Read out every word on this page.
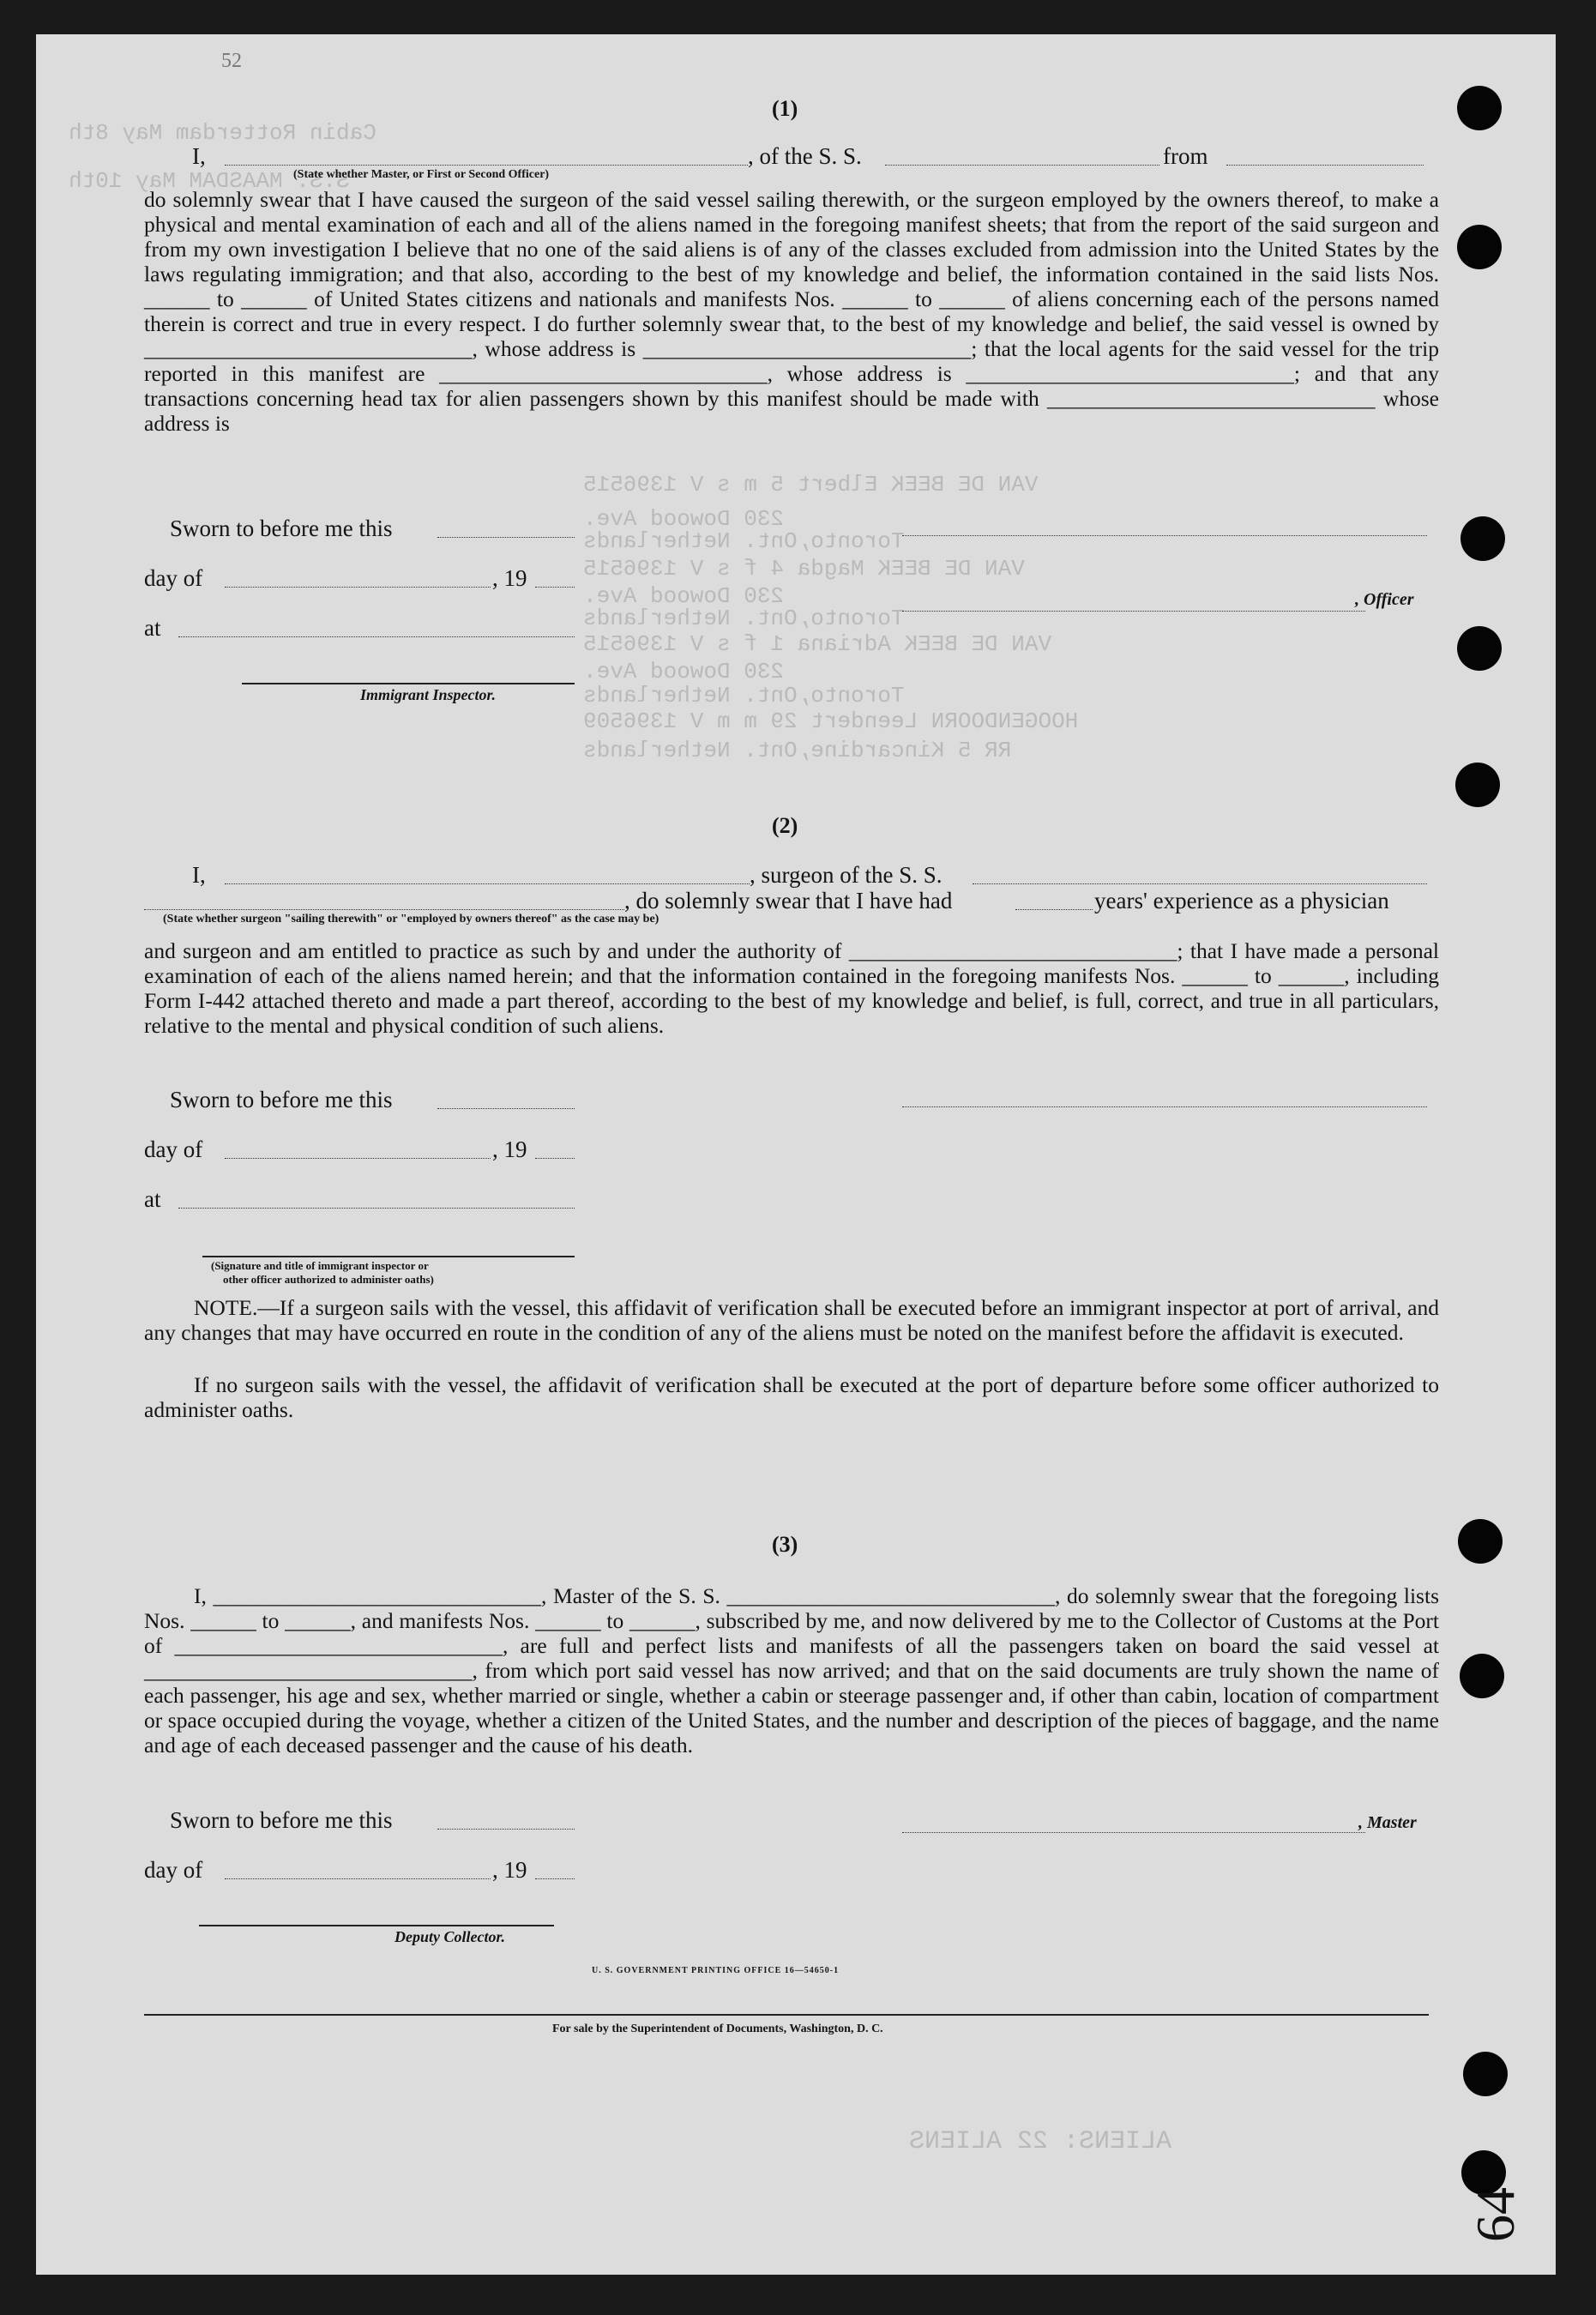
Cabin Rotterdam May 8th
S.S. MAASDAM May 10th
VAN DE BEEK Elbert 5 m s V 1396515
230 Dowood Ave.
Toronto,Ont. Netherlands
VAN DE BEEK Magda 4 f s V 1396515
230 Dowood Ave.
Toronto,Ont. Netherlands
VAN DE BEEK Adriana 1 f s V 1396515
230 Dowood Ave.
Toronto,Ont. Netherlands
HOOGENDOORN Leendert 29 m m V 1396509
RR 5 Kincardine,Ont. Netherlands
ALIENS: 22 ALIENS
52
(1)
I,	, of the S. S.	from
(State whether Master, or First or Second Officer)
do solemnly swear that I have caused the surgeon of the said vessel sailing therewith, or the surgeon employed by the owners thereof, to make a physical and mental examination of each and all of the aliens named in the foregoing manifest sheets; that from the report of the said surgeon and from my own investigation I believe that no one of the said aliens is of any of the classes excluded from admission into the United States by the laws regulating immigration; and that also, according to the best of my knowledge and belief, the information contained in the said lists Nos. ______ to ______ of United States citizens and nationals and manifests Nos. ______ to ______ of aliens concerning each of the persons named therein is correct and true in every respect. I do further solemnly swear that, to the best of my knowledge and belief, the said vessel is owned by ______________________________, whose address is ______________________________; that the local agents for the said vessel for the trip reported in this manifest are ______________________________, whose address is ______________________________; and that any transactions concerning head tax for alien passengers shown by this manifest should be made with ______________________________ whose address is
Sworn to before me this
day of	, 19
, Officer
at
Immigrant Inspector.
(2)
I,	, surgeon of the S. S.
, do solemnly swear that I have had	years' experience as a physician
(State whether surgeon "sailing therewith" or "employed by owners thereof" as the case may be)
and surgeon and am entitled to practice as such by and under the authority of ______________________________; that I have made a personal examination of each of the aliens named herein; and that the information contained in the foregoing manifests Nos. ______ to ______, including Form I-442 attached thereto and made a part thereof, according to the best of my knowledge and belief, is full, correct, and true in all particulars, relative to the mental and physical condition of such aliens.
Sworn to before me this
day of	, 19
at
(Signature and title of immigrant inspector or
other officer authorized to administer oaths)
NOTE.—If a surgeon sails with the vessel, this affidavit of verification shall be executed before an immigrant inspector at port of arrival, and any changes that may have occurred en route in the condition of any of the aliens must be noted on the manifest before the affidavit is executed.
If no surgeon sails with the vessel, the affidavit of verification shall be executed at the port of departure before some officer authorized to administer oaths.
(3)
I, ______________________________, Master of the S. S. ______________________________, do solemnly swear that the foregoing lists Nos. ______ to ______, and manifests Nos. ______ to ______, subscribed by me, and now delivered by me to the Collector of Customs at the Port of ______________________________, are full and perfect lists and manifests of all the passengers taken on board the said vessel at ______________________________, from which port said vessel has now arrived; and that on the said documents are truly shown the name of each passenger, his age and sex, whether married or single, whether a cabin or steerage passenger and, if other than cabin, location of compartment or space occupied during the voyage, whether a citizen of the United States, and the number and description of the pieces of baggage, and the name and age of each deceased passenger and the cause of his death.
Sworn to before me this	, Master
day of	, 19
Deputy Collector.
U. S. GOVERNMENT PRINTING OFFICE 16—54650-1
For sale by the Superintendent of Documents, Washington, D. C.
64
